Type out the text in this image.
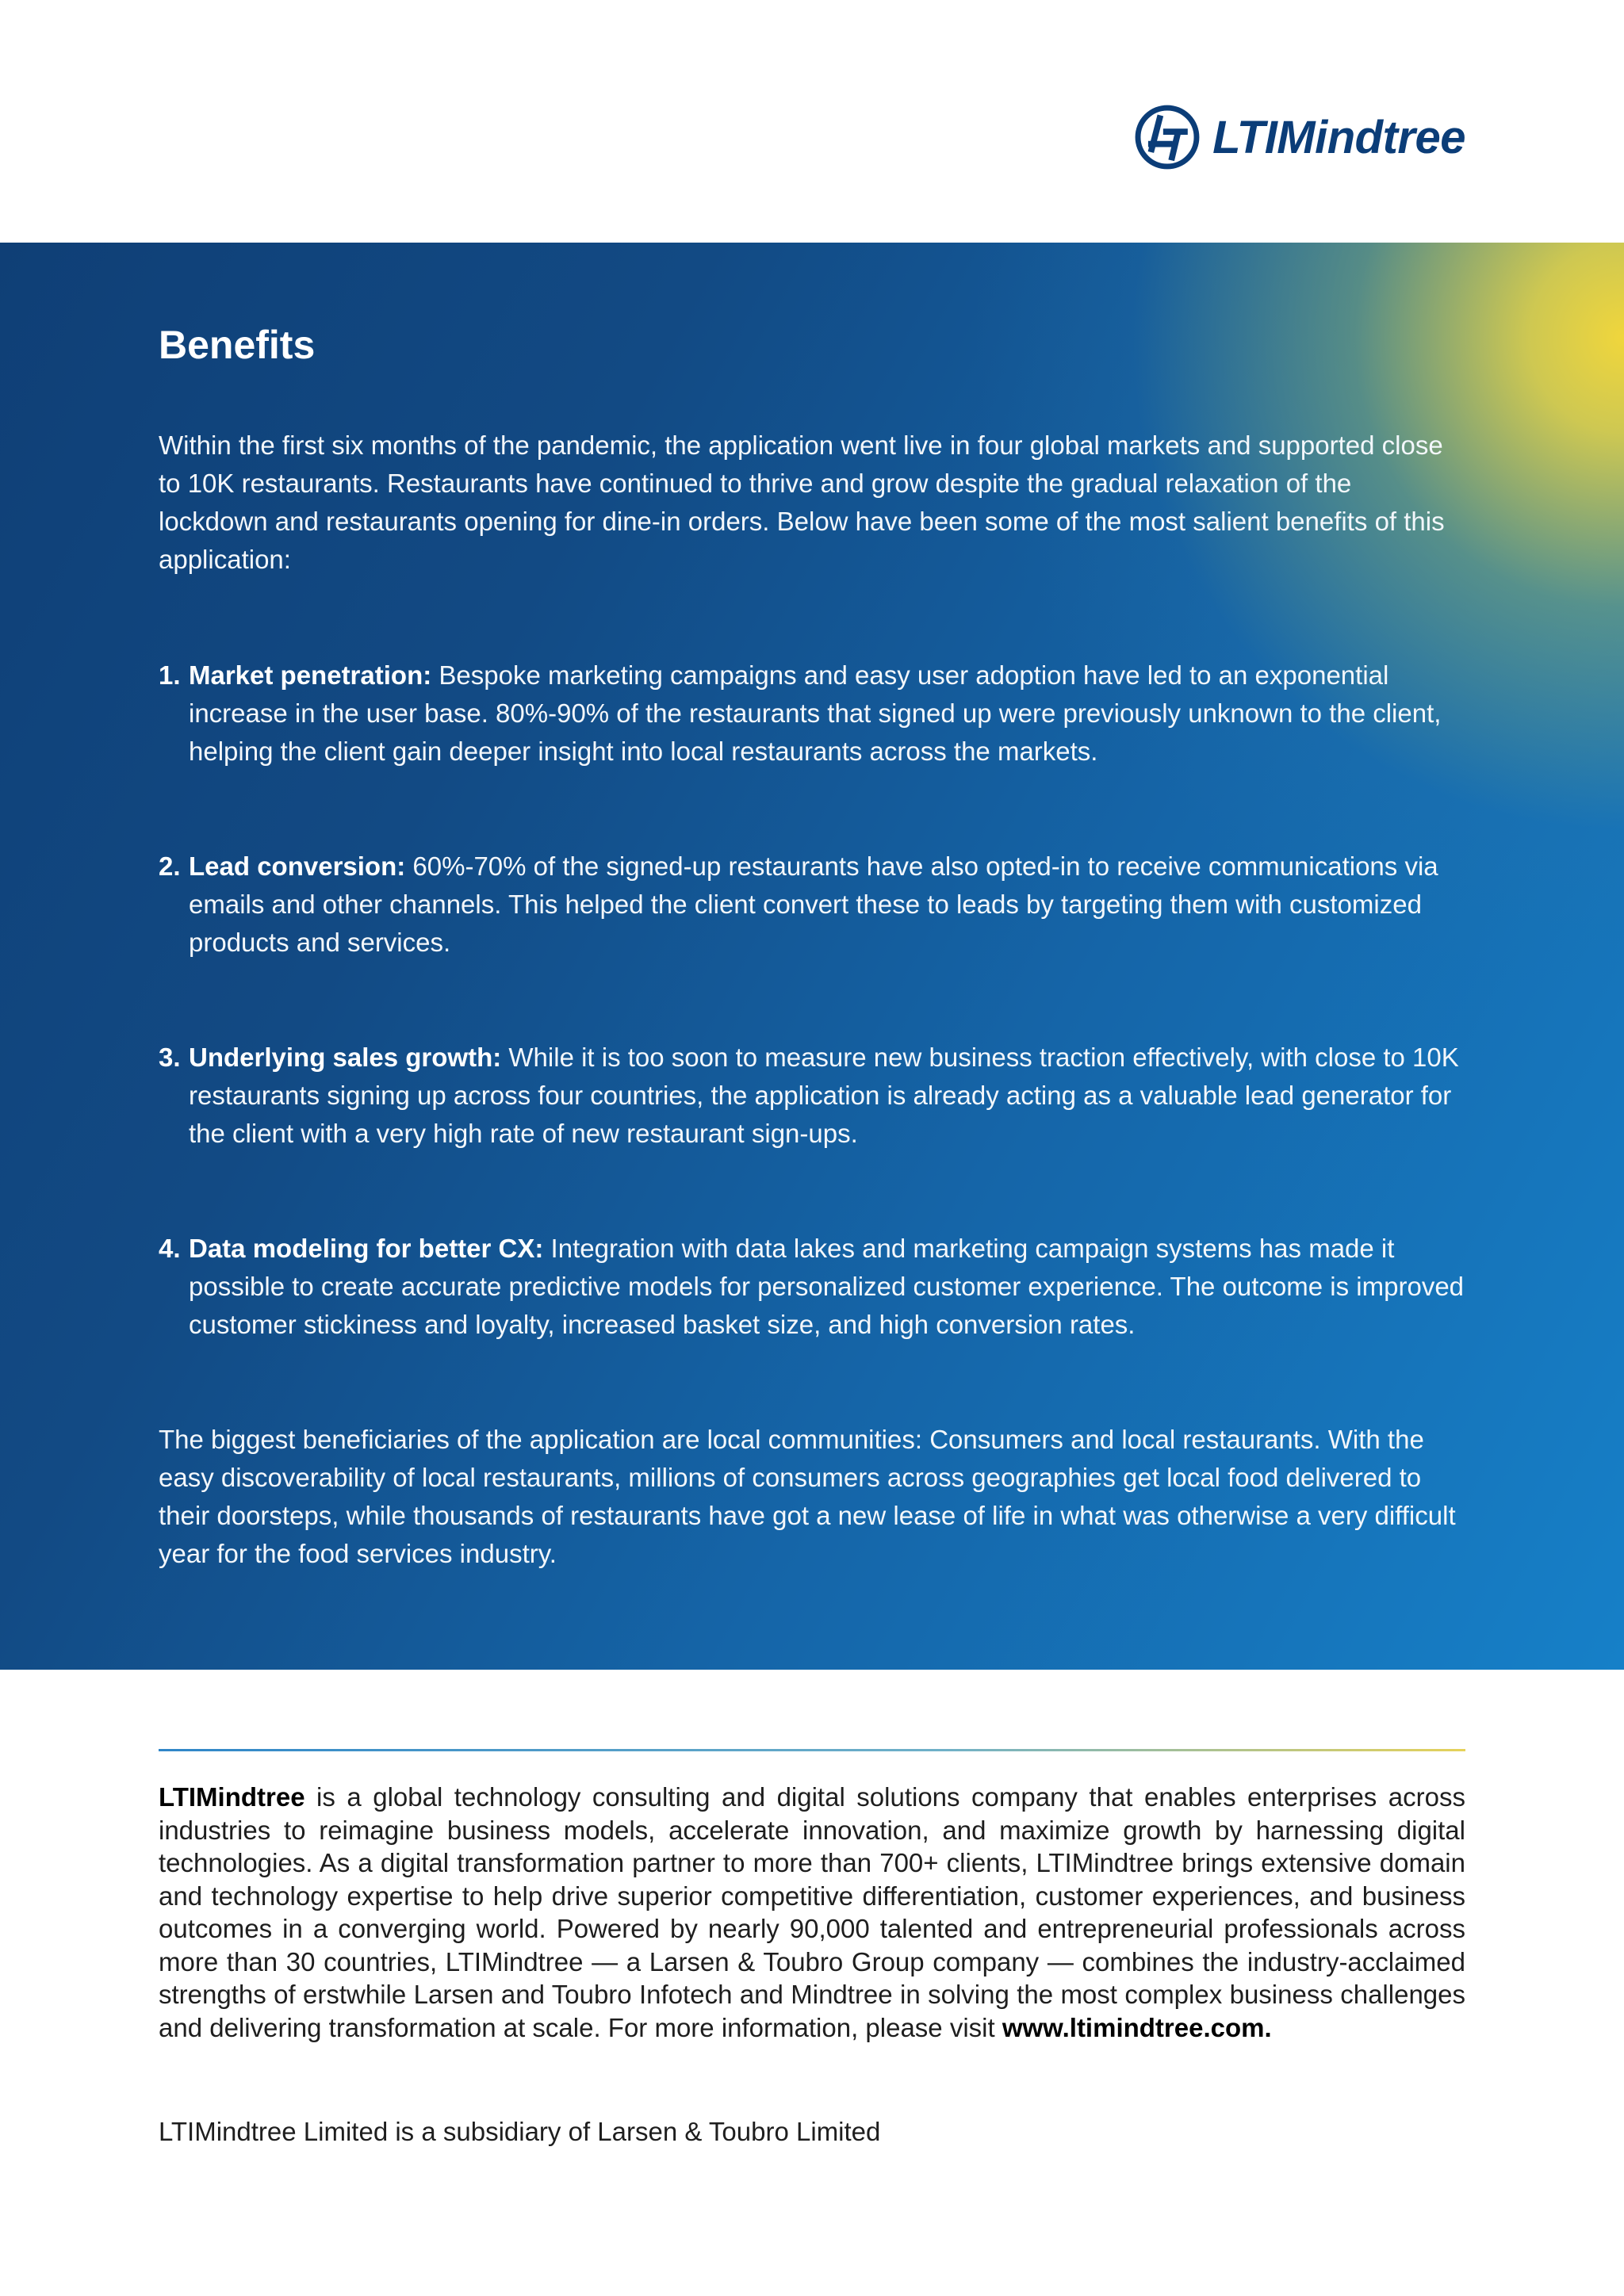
LTIMindtree
Benefits

Within the first six months of the pandemic, the application went live in four global markets and supported close to 10K restaurants. Restaurants have continued to thrive and grow despite the gradual relaxation of the lockdown and restaurants opening for dine-in orders. Below have been some of the most salient benefits of this application:

1. Market penetration: Bespoke marketing campaigns and easy user adoption have led to an exponential increase in the user base. 80%-90% of the restaurants that signed up were previously unknown to the client, helping the client gain deeper insight into local restaurants across the markets.
2. Lead conversion: 60%-70% of the signed-up restaurants have also opted-in to receive communications via emails and other channels. This helped the client convert these to leads by targeting them with customized products and services.
3. Underlying sales growth: While it is too soon to measure new business traction effectively, with close to 10K restaurants signing up across four countries, the application is already acting as a valuable lead generator for the client with a very high rate of new restaurant sign-ups.
4. Data modeling for better CX: Integration with data lakes and marketing campaign systems has made it possible to create accurate predictive models for personalized customer experience. The outcome is improved customer stickiness and loyalty, increased basket size, and high conversion rates.

The biggest beneficiaries of the application are local communities: Consumers and local restaurants. With the easy discoverability of local restaurants, millions of consumers across geographies get local food delivered to their doorsteps, while thousands of restaurants have got a new lease of life in what was otherwise a very difficult year for the food services industry.

LTIMindtree is a global technology consulting and digital solutions company that enables enterprises across industries to reimagine business models, accelerate innovation, and maximize growth by harnessing digital technologies. As a digital transformation partner to more than 700+ clients, LTIMindtree brings extensive domain and technology expertise to help drive superior competitive differentiation, customer experiences, and business outcomes in a converging world. Powered by nearly 90,000 talented and entrepreneurial professionals across more than 30 countries, LTIMindtree — a Larsen & Toubro Group company — combines the industry-acclaimed strengths of erstwhile Larsen and Toubro Infotech and Mindtree in solving the most complex business challenges and delivering transformation at scale. For more information, please visit www.ltimindtree.com.

LTIMindtree Limited is a subsidiary of Larsen & Toubro Limited
